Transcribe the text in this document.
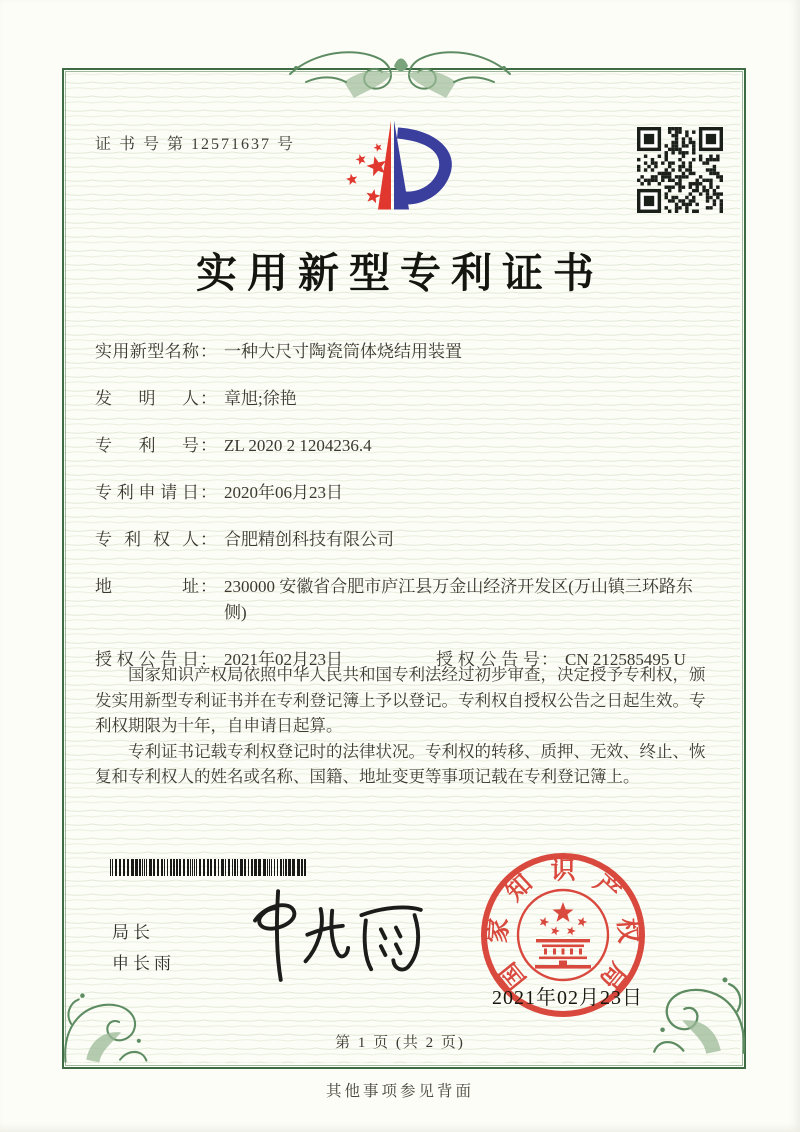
证 书 号 第 12571637 号
实用新型专利证书
实用新型名称 ： 一种大尺寸陶瓷筒体烧结用装置
发明人 ： 章旭;徐艳
专利号 ： ZL 2020 2 1204236.4
专利申请日 ： 2020年06月23日
专利权人 ： 合肥精创科技有限公司
地址 ： 230000 安徽省合肥市庐江县万金山经济开发区(万山镇三环路东侧)
授权公告日 ： 2021年02月23日	授权公告号 ： CN 212585495 U

国家知识产权局依照中华人民共和国专利法经过初步审查，决定授予专利权，颁发实用新型专利证书并在专利登记簿上予以登记。专利权自授权公告之日起生效。专利权期限为十年，自申请日起算。

专利证书记载专利权登记时的法律状况。专利权的转移、质押、无效、终止、恢复和专利权人的姓名或名称、国籍、地址变更等事项记载在专利登记簿上。

局长
申长雨	国
家
知 识 产
权
局
2021年02月23日
第 1 页 (共 2 页)
其他事项参见背面
